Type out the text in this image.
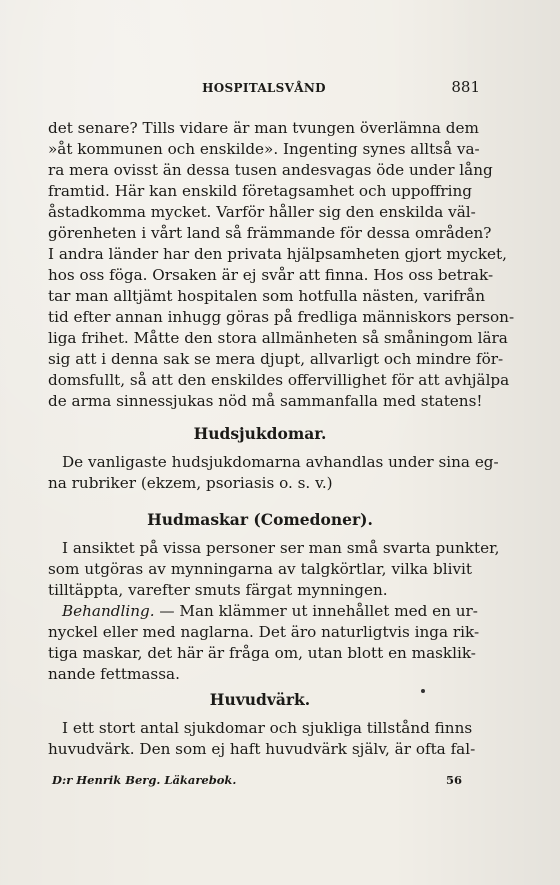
HOSPITALSVÅND	881
det senare? Tills vidare är man tvungen överlämna dem
»åt kommunen och enskilde». Ingenting synes alltså va-
ra mera ovisst än dessa tusen andesvagas öde under lång
framtid. Här kan enskild företagsamhet och uppoffring
åstadkomma mycket. Varför håller sig den enskilda väl-
görenheten i vårt land så främmande för dessa områden?
I andra länder har den privata hjälpsamheten gjort mycket,
hos oss föga. Orsaken är ej svår att finna. Hos oss betrak-
tar man alltjämt hospitalen som hotfulla nästen, varifrån
tid efter annan inhugg göras på fredliga människors person-
liga frihet. Måtte den stora allmänheten så småningom lära
sig att i denna sak se mera djupt, allvarligt och mindre för-
domsfullt, så att den enskildes offervillighet för att avhjälpa
de arma sinnessjukas nöd må sammanfalla med statens!
Hudsjukdomar.
De vanligaste hudsjukdomarna avhandlas under sina eg-
na rubriker (ekzem, psoriasis o. s. v.)
Hudmaskar (Comedoner).
I ansiktet på vissa personer ser man små svarta punkter,
som utgöras av mynningarna av talgkörtlar, vilka blivit
tilltäppta, varefter smuts färgat mynningen.
Behandling. — Man klämmer ut innehållet med en ur-
nyckel eller med naglarna. Det äro naturligtvis inga rik-
tiga maskar, det här är fråga om, utan blott en masklik-
nande fettmassa.
Huvudvärk.
I ett stort antal sjukdomar och sjukliga tillstånd finns
huvudvärk. Den som ej haft huvudvärk själv, är ofta fal-
D:r Henrik Berg. Läkarebok.	56
